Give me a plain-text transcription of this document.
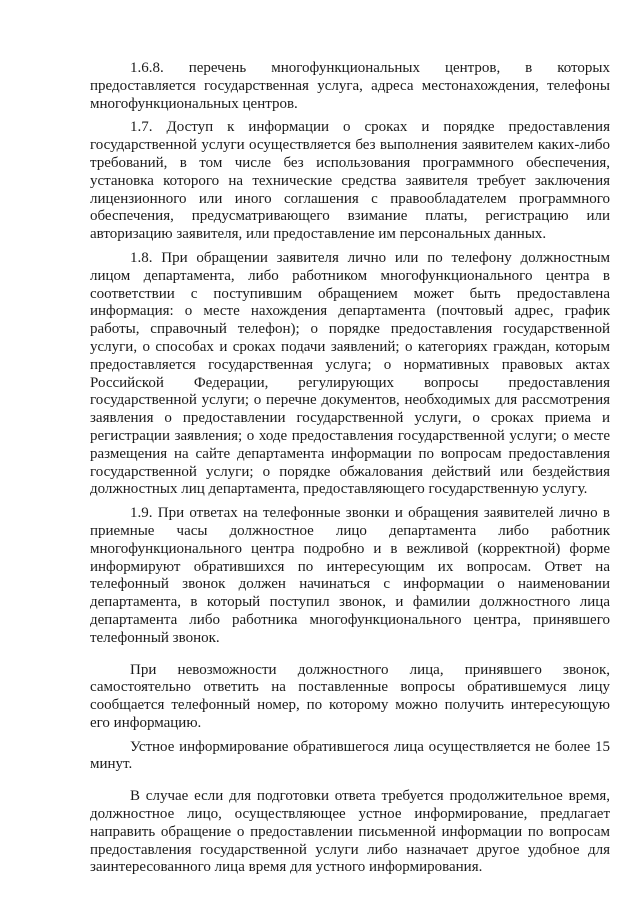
1.6.8. перечень многофункциональных центров, в которых предоставляется государственная услуга, адреса местонахождения, телефоны многофункциональных центров.

1.7. Доступ к информации о сроках и порядке предоставления государственной услуги осуществляется без выполнения заявителем каких-либо требований, в том числе без использования программного обеспечения, установка которого на технические средства заявителя требует заключения лицензионного или иного соглашения с правообладателем программного обеспечения, предусматривающего взимание платы, регистрацию или авторизацию заявителя, или предоставление им персональных данных.

1.8. При обращении заявителя лично или по телефону должностным лицом департамента, либо работником многофункционального центра в соответствии с поступившим обращением может быть предоставлена информация: о месте нахождения департамента (почтовый адрес, график работы, справочный телефон); о порядке предоставления государственной услуги, о способах и сроках подачи заявлений; о категориях граждан, которым предоставляется государственная услуга; о нормативных правовых актах Российской Федерации, регулирующих вопросы предоставления государственной услуги; о перечне документов, необходимых для рассмотрения заявления о предоставлении государственной услуги, о сроках приема и регистрации заявления; о ходе предоставления государственной услуги; о месте размещения на сайте департамента информации по вопросам предоставления государственной услуги; о порядке обжалования действий или бездействия должностных лиц департамента, предоставляющего государственную услугу.

1.9. При ответах на телефонные звонки и обращения заявителей лично в приемные часы должностное лицо департамента либо работник многофункционального центра подробно и в вежливой (корректной) форме информируют обратившихся по интересующим их вопросам. Ответ на телефонный звонок должен начинаться с информации о наименовании департамента, в который поступил звонок, и фамилии должностного лица департамента либо работника многофункционального центра, принявшего телефонный звонок.

При невозможности должностного лица, принявшего звонок, самостоятельно ответить на поставленные вопросы обратившемуся лицу сообщается телефонный номер, по которому можно получить интересующую его информацию.

Устное информирование обратившегося лица осуществляется не более 15 минут.

В случае если для подготовки ответа требуется продолжительное время, должностное лицо, осуществляющее устное информирование, предлагает направить обращение о предоставлении письменной информации по вопросам предоставления государственной услуги либо назначает другое удобное для заинтересованного лица время для устного информирования.
